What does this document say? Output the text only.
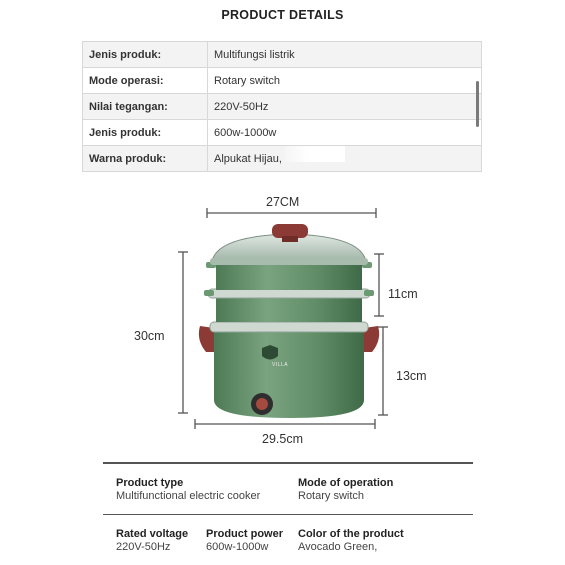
PRODUCT DETAILS
Jenis produk:	Multifungsi listrik
Mode operasi:	Rotary switch
Nilai tegangan:	220V-50Hz
Jenis produk:	600w-1000w
Warna produk:	Alpukat Hijau,
27CM
30cm
11cm
13cm
29.5cm
VILLA
Product type
Multifunctional electric cooker
Mode of operation
Rotary switch
Rated voltage
220V-50Hz
Product power
600w-1000w
Color of the product
Avocado Green,
